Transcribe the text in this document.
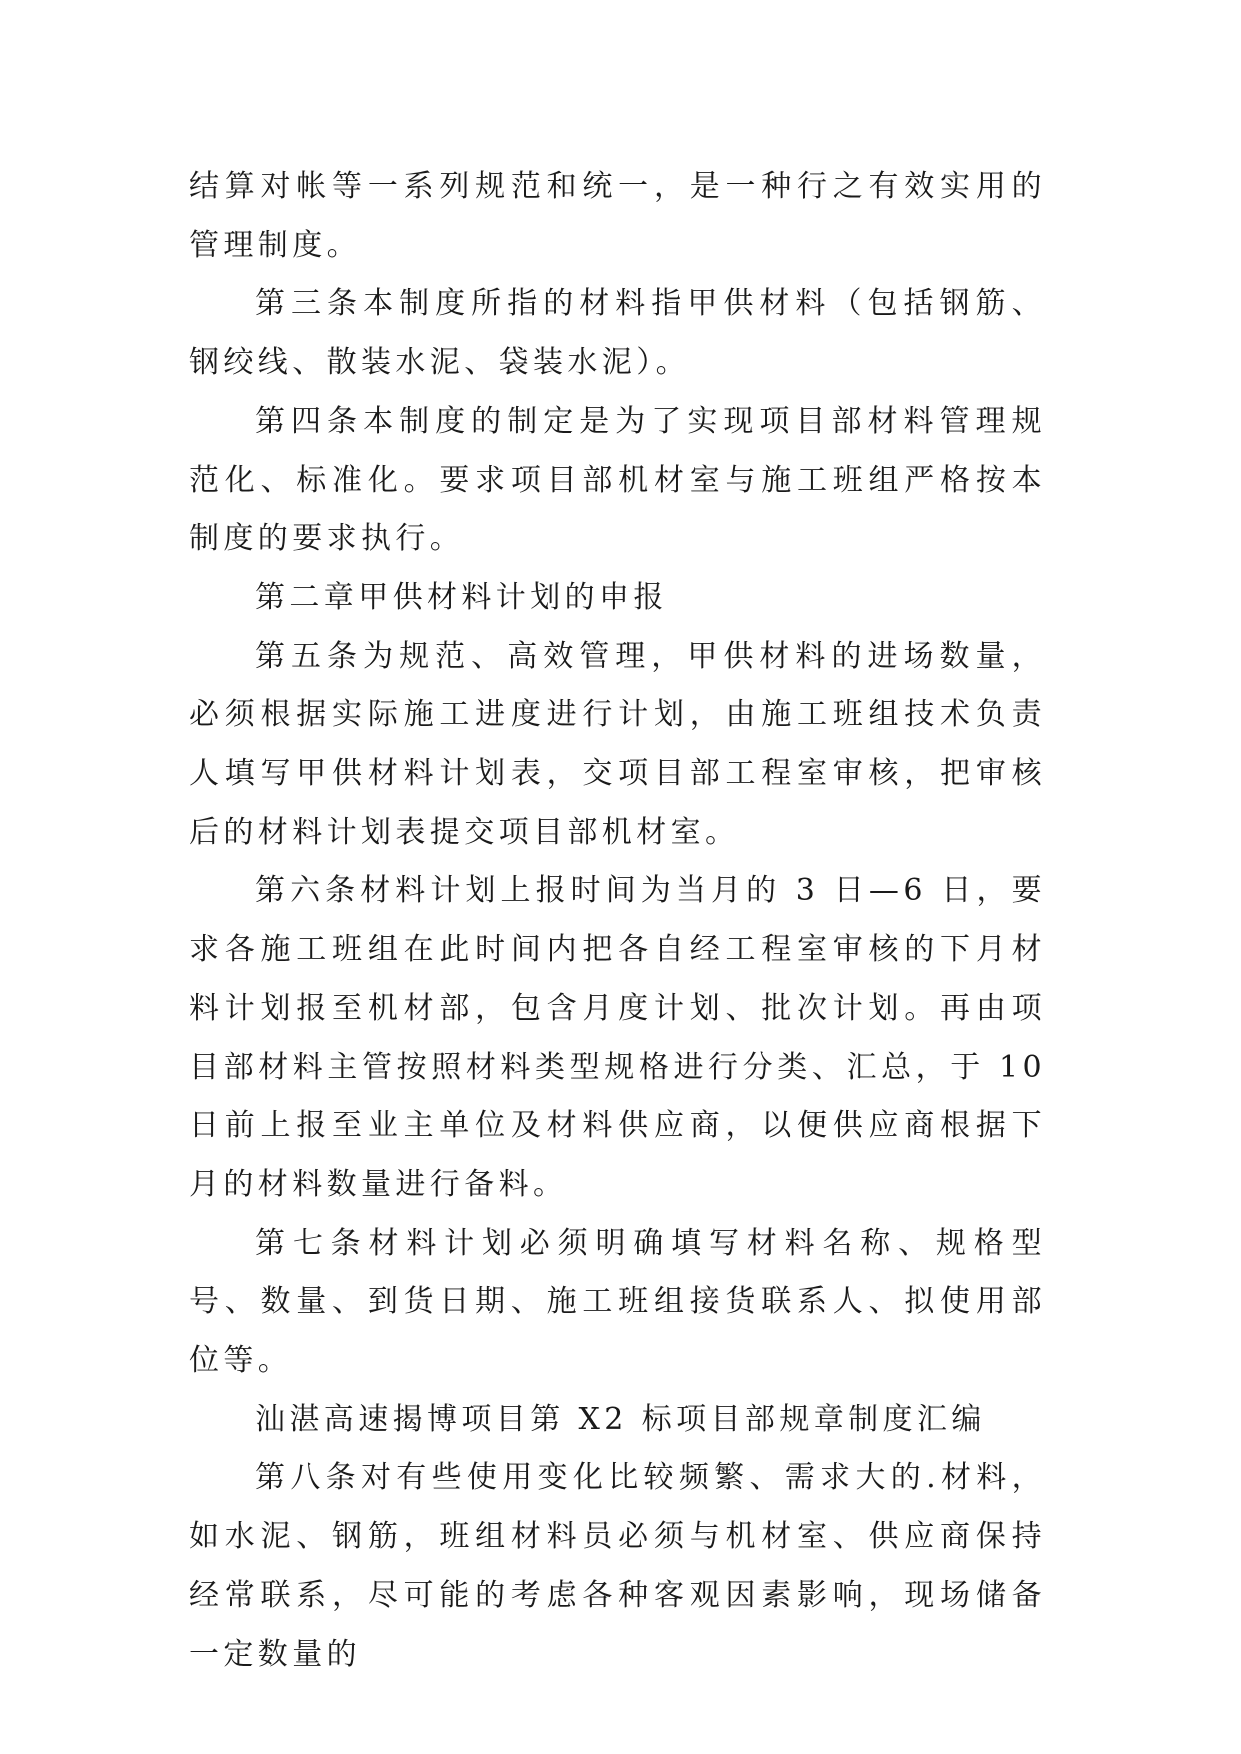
结算对帐等一系列规范和统一，是一种行之有效实用的管理制度。

第三条本制度所指的材料指甲供材料（包括钢筋、钢绞线、散装水泥、袋装水泥）。

第四条本制度的制定是为了实现项目部材料管理规范化、标准化。要求项目部机材室与施工班组严格按本制度的要求执行。

第二章甲供材料计划的申报

第五条为规范、高效管理，甲供材料的进场数量，必须根据实际施工进度进行计划，由施工班组技术负责人填写甲供材料计划表，交项目部工程室审核，把审核后的材料计划表提交项目部机材室。

第六条材料计划上报时间为当月的 3 日—6 日，要求各施工班组在此时间内把各自经工程室审核的下月材料计划报至机材部，包含月度计划、批次计划。再由项目部材料主管按照材料类型规格进行分类、汇总，于 10 日前上报至业主单位及材料供应商，以便供应商根据下月的材料数量进行备料。

第七条材料计划必须明确填写材料名称、规格型号、数量、到货日期、施工班组接货联系人、拟使用部位等。

汕湛高速揭博项目第 X2 标项目部规章制度汇编

第八条对有些使用变化比较频繁、需求大的.材料，如水泥、钢筋，班组材料员必须与机材室、供应商保持经常联系，尽可能的考虑各种客观因素影响，现场储备一定数量的
